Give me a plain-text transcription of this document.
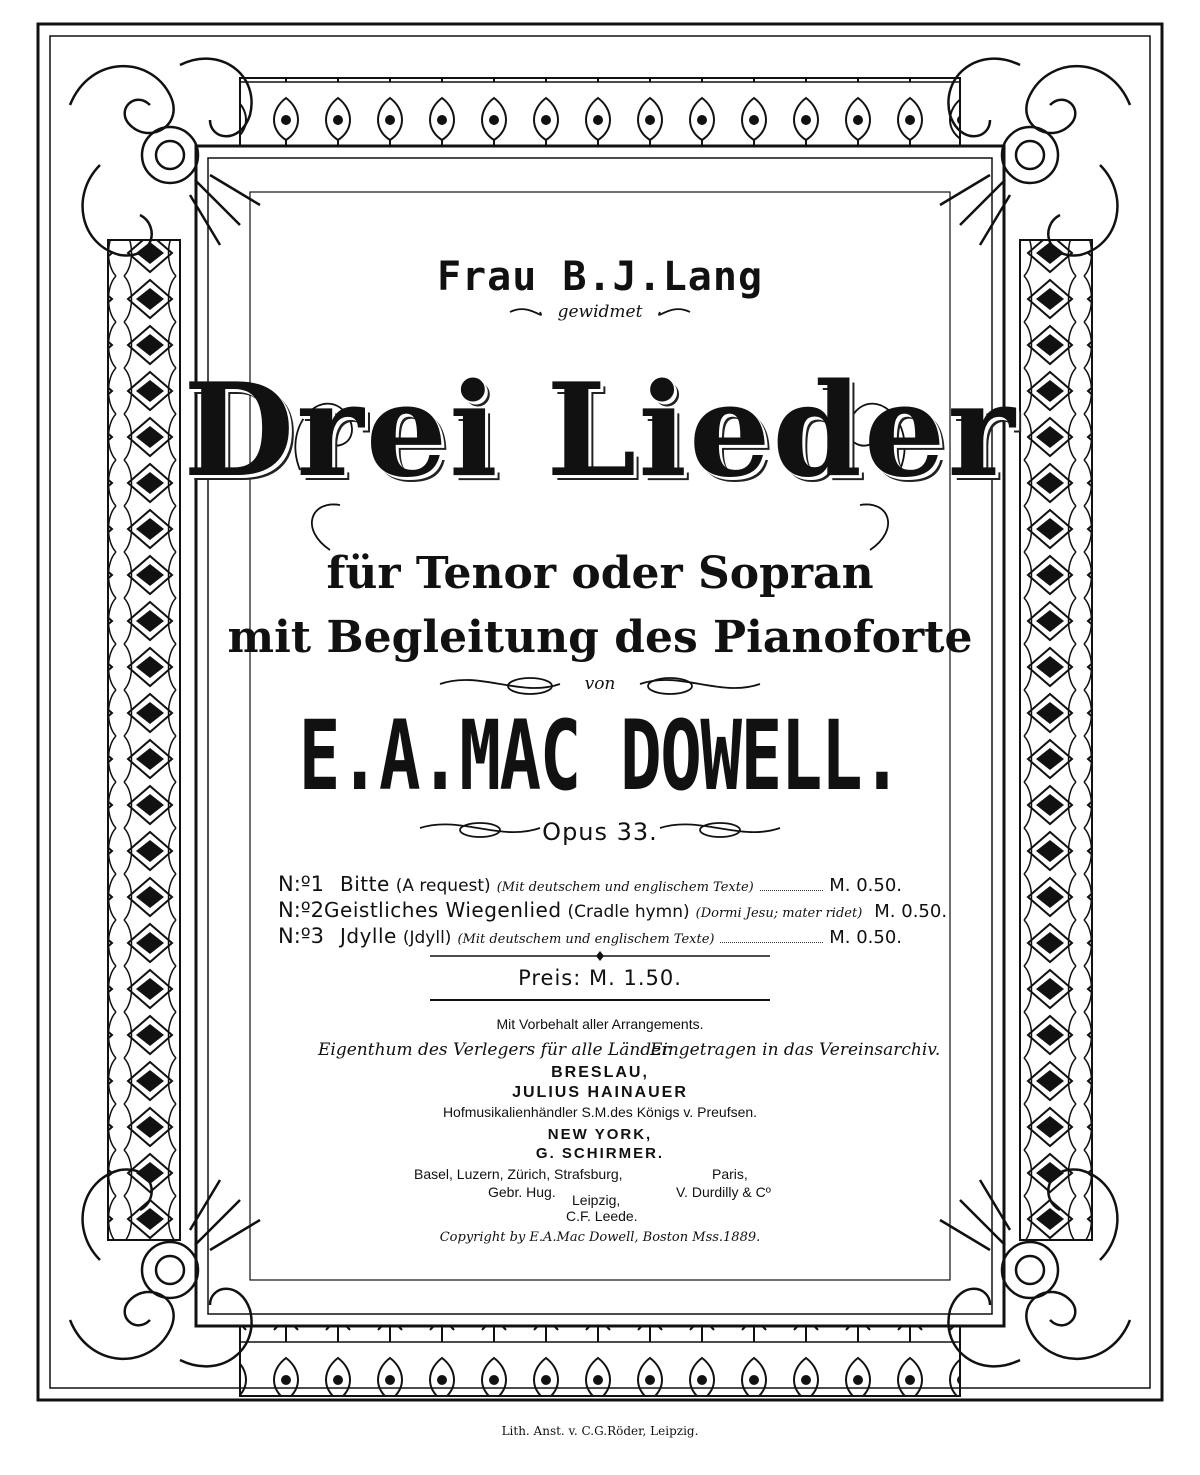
Frau B.J.Lang
gewidmet
Drei Lieder
für Tenor oder Sopran
mit Begleitung des Pianoforte
von
E.A.MAC DOWELL.
Opus 33.
N:º1 Bitte (A request) (Mit deutschem und englischem Texte)	M. 0.50.
N:º2 Geistliches Wiegenlied (Cradle hymn) (Dormi Jesu; mater ridet) M. 0.50.
N:º3 Jdylle (Jdyll) (Mit deutschem und englischem Texte)	M. 0.50.
Preis: M. 1.50.
Mit Vorbehalt aller Arrangements.
Eigenthum des Verlegers für alle Länder.
Eingetragen in das Vereinsarchiv.
BRESLAU,
JULIUS HAINAUER
Hofmusikalienhändler S.M.des Königs v. Preufsen.
NEW YORK,
G. SCHIRMER.
Basel, Luzern, Zürich, Strafsburg,
Gebr. Hug.
Paris,
V. Durdilly & Cº
Leipzig,
C.F. Leede.
Copyright by E.A.Mac Dowell, Boston Mss.1889.
Lith. Anst. v. C.G.Röder, Leipzig.
